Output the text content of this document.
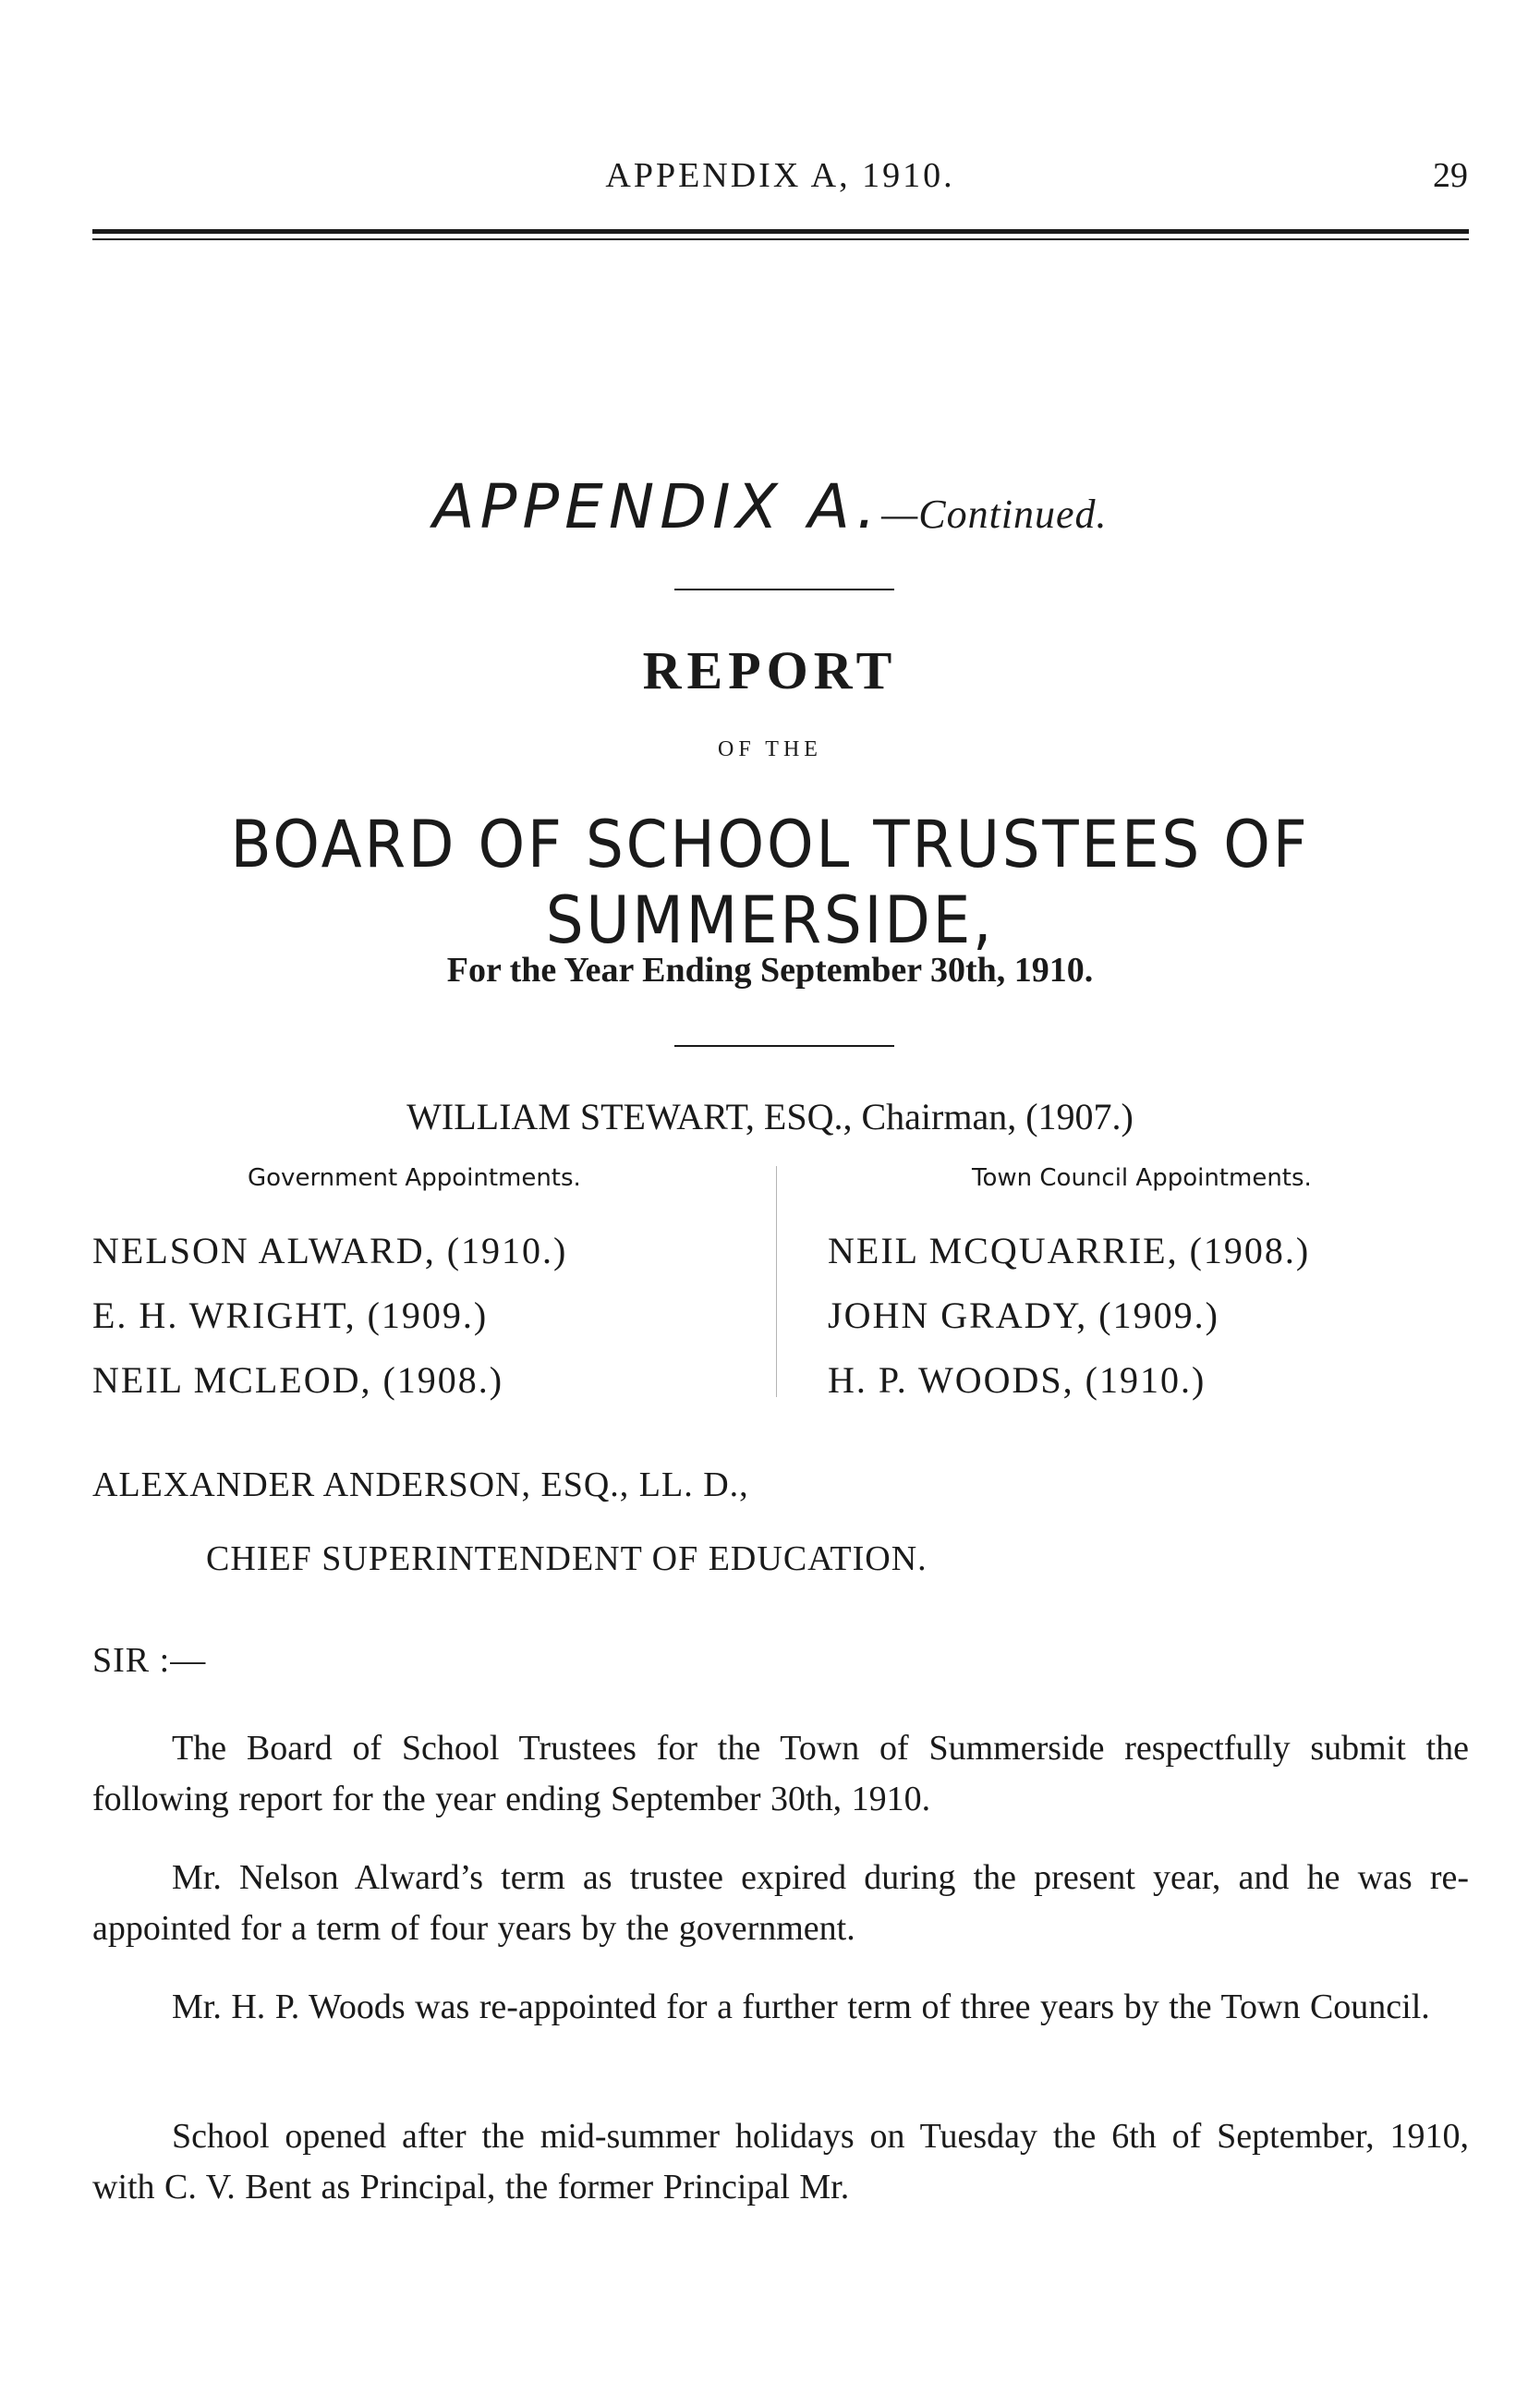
APPENDIX A, 1910.	29
APPENDIX A.—Continued.
REPORT
OF THE
BOARD OF SCHOOL TRUSTEES OF SUMMERSIDE,
For the Year Ending September 30th, 1910.
WILLIAM STEWART, ESQ., Chairman, (1907.)
Government Appointments.	Town Council Appointments.
NELSON ALWARD, (1910.)
E. H. WRIGHT, (1909.)
NEIL MCLEOD, (1908.)
NEIL MCQUARRIE, (1908.)
JOHN GRADY, (1909.)
H. P. WOODS, (1910.)
ALEXANDER ANDERSON, ESQ., LL. D.,
CHIEF SUPERINTENDENT OF EDUCATION.
SIR :—

The Board of School Trustees for the Town of Summerside respectfully submit the following report for the year ending September 30th, 1910.

Mr. Nelson Alward’s term as trustee expired during the present year, and he was re-appointed for a term of four years by the government.

Mr. H. P. Woods was re-appointed for a further term of three years by the Town Council.

School opened after the mid-summer holidays on Tuesday the 6th of September, 1910, with C. V. Bent as Principal, the former Principal Mr.
